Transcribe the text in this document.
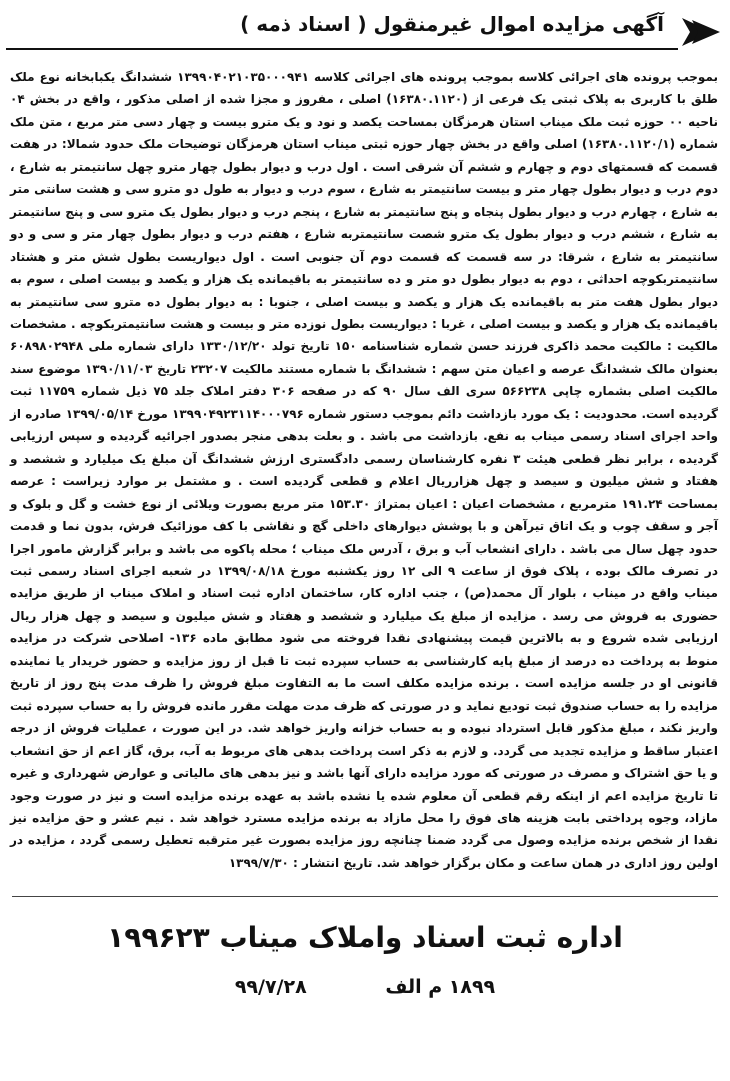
آگهی مزایده اموال غیرمنقول ( اسناد ذمه )
بموجب پرونده های اجرائی کلاسه بموجب پرونده های اجرائی کلاسه ۱۳۹۹۰۴۰۲۱۰۳۵۰۰۰۹۴۱ ششدانگ یکبابخانه نوع ملک طلق با کاربری به پلاک ثبتی یک فرعی از (۱۶۳۸۰.۱۱۲۰) اصلی ، مفروز و مجزا شده از اصلی مذکور ، واقع در بخش ۰۴ ناحیه ۰۰ حوزه ثبت ملک میناب استان هرمزگان بمساحت یکصد و نود و یک مترو بیست و چهار دسی متر مربع ، متن ملک شماره (۱۶۳۸۰.۱۱۲۰/۱) اصلی واقع در بخش چهار حوزه ثبتی میناب استان هرمزگان توضیحات ملک حدود شمالا: در هفت قسمت که قسمتهای دوم و چهارم و ششم آن شرقی است . اول درب و دیوار بطول چهار مترو چهل سانتیمتر به شارع ، دوم درب و دیوار بطول چهار متر و بیست سانتیمتر به شارع ، سوم درب و دیوار به طول دو مترو سی و هشت سانتی متر به شارع ، چهارم درب و دیوار بطول پنجاه و پنج سانتیمتر به شارع ، پنجم درب و دیوار بطول یک مترو سی و پنج سانتیمتر به شارع ، ششم درب و دیوار بطول یک مترو شصت سانتیمتربه شارع ، هفتم درب و دیوار بطول چهار متر و سی و دو سانتیمتر به شارع ، شرقا: در سه قسمت که قسمت دوم آن جنوبی است . اول دیواریست بطول شش متر و هشتاد سانتیمتربکوچه احداثی ، دوم به دیوار بطول دو متر و ده سانتیمتر به باقیمانده یک هزار و یکصد و بیست اصلی ، سوم به دیوار بطول هفت متر به باقیمانده یک هزار و یکصد و بیست اصلی ، جنوبا : به دیوار بطول ده مترو سی سانتیمتر به باقیمانده یک هزار و یکصد و بیست اصلی ، غربا : دیواریست بطول نوزده متر و بیست و هشت سانتیمتربکوچه . مشخصات مالکیت : مالکیت محمد ذاکری فرزند حسن شماره شناسنامه ۱۵۰ تاریخ تولد ۱۳۳۰/۱۲/۲۰ دارای شماره ملی ۶۰۸۹۸۰۲۹۴۸ بعنوان مالک ششدانگ عرصه و اعیان متن سهم : ششدانگ با شماره مستند مالکیت ۲۳۲۰۷ تاریخ ۱۳۹۰/۱۱/۰۳ موضوع سند مالکیت اصلی بشماره چاپی ۵۶۶۲۳۸ سری الف سال ۹۰ که در صفحه ۳۰۶ دفتر املاک جلد ۷۵ ذیل شماره ۱۱۷۵۹ ثبت گردیده است. محدودیت : یک مورد بازداشت دائم بموجب دستور شماره ۱۳۹۹۰۴۹۲۳۱۱۴۰۰۰۷۹۶ مورخ ۱۳۹۹/۰۵/۱۴ صادره از واحد اجرای اسناد رسمی میناب به نفع. بازداشت می باشد . و بعلت بدهی منجر بصدور اجرائیه گردیده و سپس ارزیابی گردیده ، برابر نظر قطعی هیئت ۳ نفره کارشناسان رسمی دادگستری ارزش ششدانگ آن مبلغ یک میلیارد و ششصد و هفتاد و شش میلیون و سیصد و چهل هزارریال اعلام و قطعی گردیده است . و مشتمل بر موارد زیراست : عرصه بمساحت ۱۹۱.۲۴ مترمربع ، مشخصات اعیان : اعیان بمتراژ ۱۵۳.۳۰ متر مربع بصورت ویلائی از نوع خشت و گل و بلوک و آجر و سقف چوب و یک اتاق تیرآهن و با پوشش دیوارهای داخلی گچ و نقاشی با کف موزائیک فرش، بدون نما و قدمت حدود چهل سال می باشد . دارای انشعاب آب و برق ، آدرس ملک میناب ؛ محله پاکوه می باشد و برابر گزارش مامور اجرا در تصرف مالک بوده ، پلاک فوق از ساعت ۹ الی ۱۲ روز یکشنبه مورخ ۱۳۹۹/۰۸/۱۸ در شعبه اجرای اسناد رسمی ثبت میناب واقع در میناب ، بلوار آل محمد(ص) ، جنب اداره کار، ساختمان اداره ثبت اسناد و املاک میناب از طریق مزایده حضوری به فروش می رسد . مزایده از مبلغ یک میلیارد و ششصد و هفتاد و شش میلیون و سیصد و چهل هزار ریال ارزیابی شده شروع و به بالاترین قیمت پیشنهادی نقدا فروخته می شود مطابق ماده ۱۳۶- اصلاحی شرکت در مزایده منوط به پرداخت ده درصد از مبلغ پایه کارشناسی به حساب سپرده ثبت تا قبل از روز مزایده و حضور خریدار یا نماینده قانونی او در جلسه مزایده است . برنده مزایده مکلف است ما به التفاوت مبلغ فروش را ظرف مدت پنج روز از تاریخ مزایده را به حساب صندوق ثبت تودیع نماید و در صورتی که ظرف مدت مهلت مقرر مانده فروش را به حساب سپرده ثبت واریز نکند ، مبلغ مذکور قابل استرداد نبوده و به حساب خزانه واریز خواهد شد. در این صورت ، عملیات فروش از درجه اعتبار ساقط و مزایده تجدید می گردد. و لازم به ذکر است پرداخت بدهی های مربوط به آب، برق، گاز اعم از حق انشعاب و یا حق اشتراک و مصرف در صورتی که مورد مزایده دارای آنها باشد و نیز بدهی های مالیاتی و عوارض شهرداری و غیره تا تاریخ مزایده اعم از اینکه رقم قطعی آن معلوم شده یا نشده باشد به عهده برنده مزایده است و نیز در صورت وجود مازاد، وجوه پرداختی بابت هزینه های فوق را محل مازاد به برنده مزایده مسترد خواهد شد . نیم عشر و حق مزایده نیز نقدا از شخص برنده مزایده وصول می گردد ضمنا چنانچه روز مزایده بصورت غیر مترقبه تعطیل رسمی گردد ، مزایده در اولین روز اداری در همان ساعت و مکان برگزار خواهد شد. تاریخ انتشار : ۱۳۹۹/۷/۳۰
اداره ثبت اسناد واملاک میناب ۱۹۹۶۲۳
۱۸۹۹ م الف ۹۹/۷/۲۸
